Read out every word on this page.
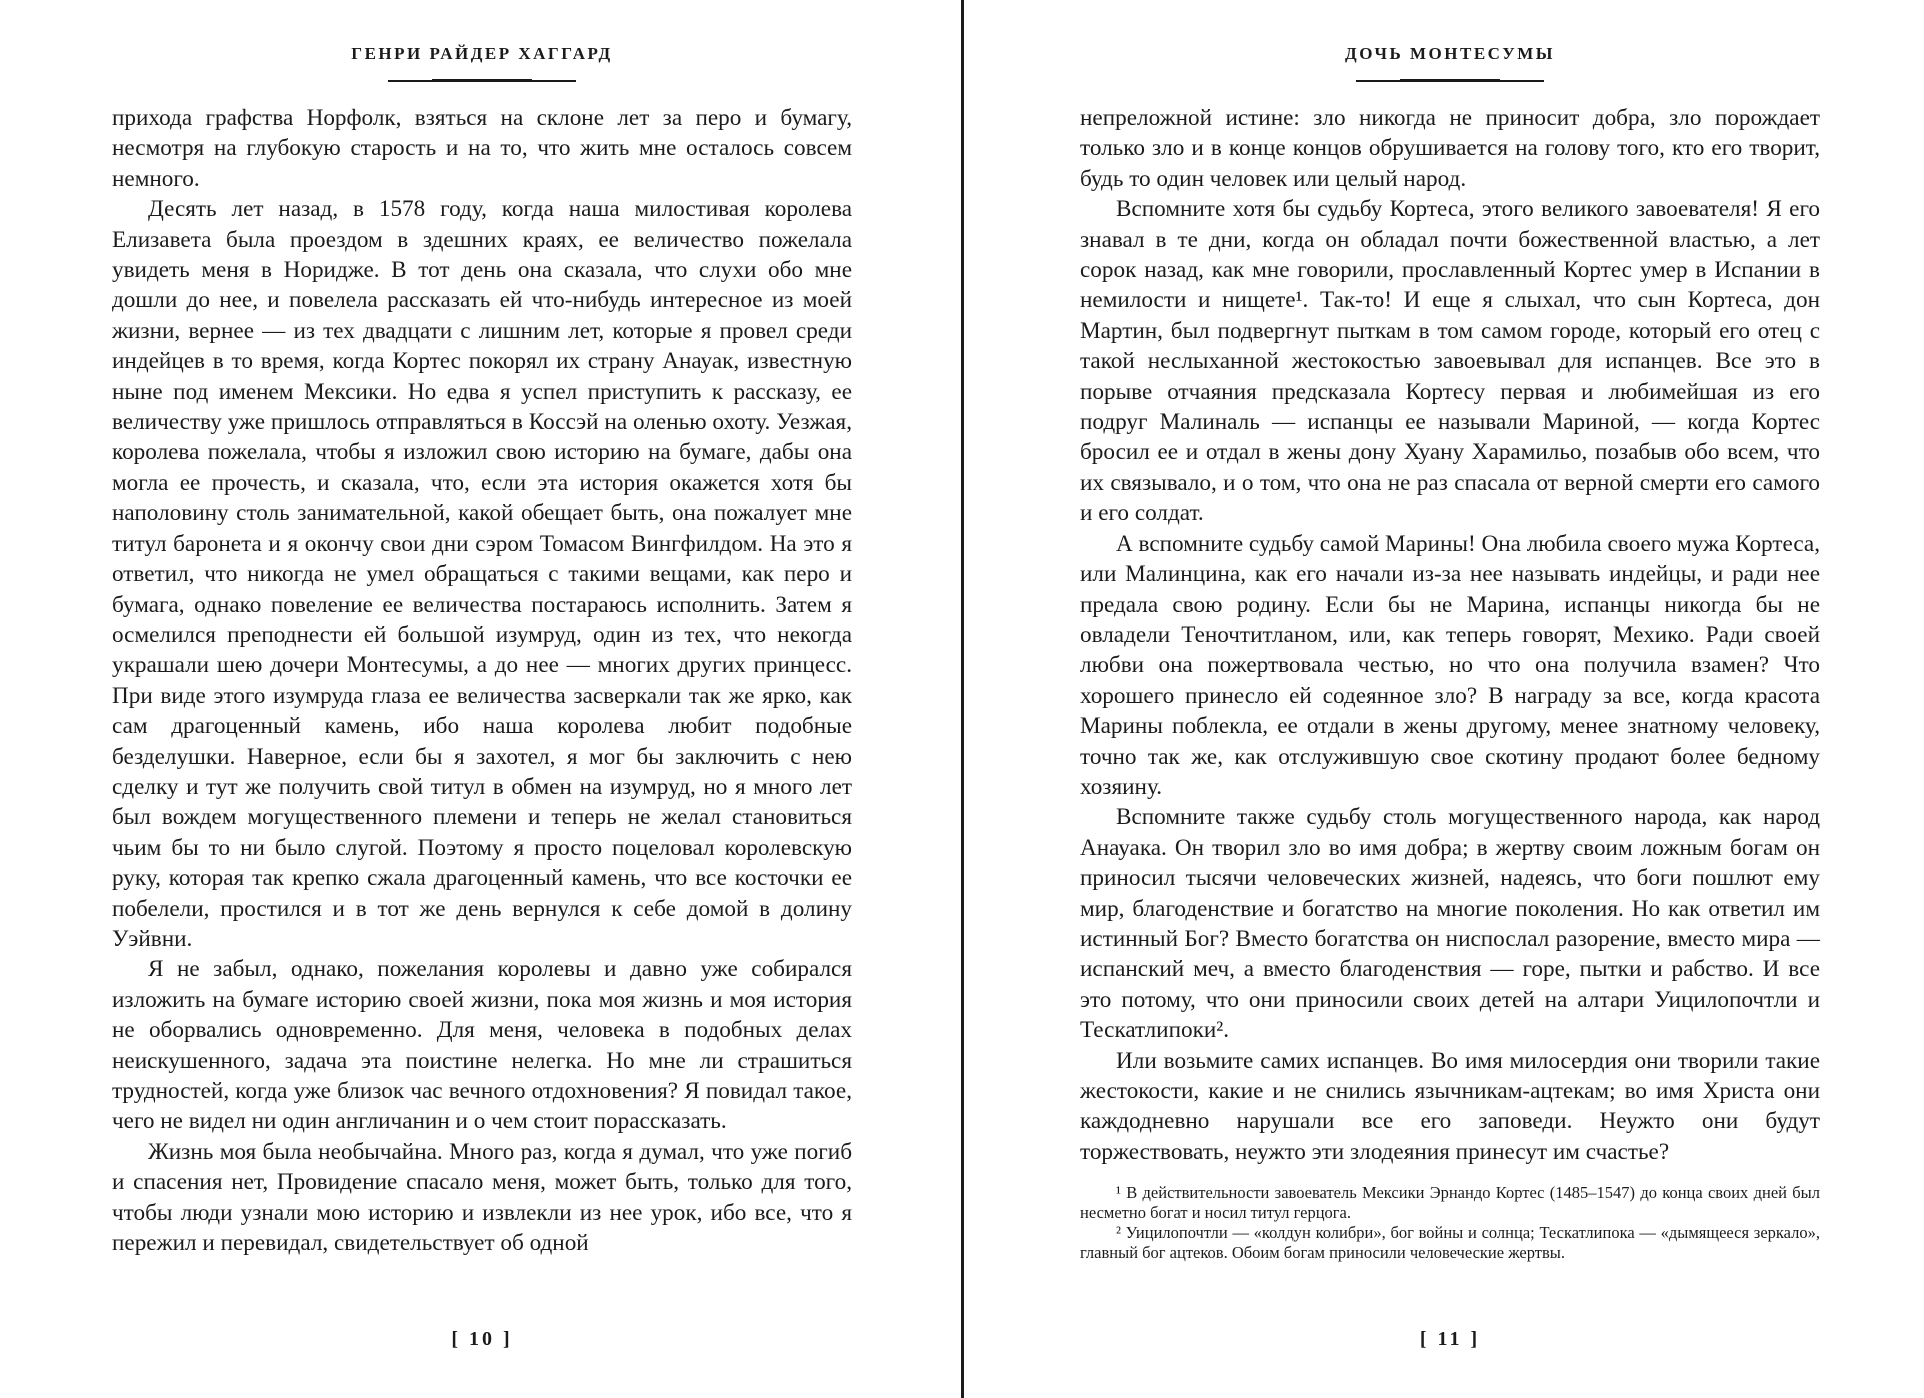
ГЕНРИ РАЙДЕР ХАГГАРД

прихода графства Норфолк, взяться на склоне лет за перо и бумагу, несмотря на глубокую старость и на то, что жить мне осталось совсем немного.

Десять лет назад, в 1578 году, когда наша милостивая королева Елизавета была проездом в здешних краях, ее величество пожелала увидеть меня в Нoридже. В тот день она сказала, что слухи обо мне дошли до нее, и повелела рассказать ей что-нибудь интересное из моей жизни, вернее — из тех двадцати с лишним лет, которые я провел среди индейцев в то время, когда Кортес покорял их страну Анауак, известную ныне под именем Мексики. Но едва я успел приступить к рассказу, ее величеству уже пришлось отправляться в Коссэй на оленью охоту. Уезжая, королева пожелала, чтобы я изложил свою историю на бумаге, дабы она могла ее прочесть, и сказала, что, если эта история окажется хотя бы наполовину столь занимательной, какой обещает быть, она пожалует мне титул баронета и я окончу свои дни сэром Томасом Вингфилдом. На это я ответил, что никогда не умел обращаться с такими вещами, как перо и бумага, однако повеление ее величества постараюсь исполнить. Затем я осмелился преподнести ей большой изумруд, один из тех, что некогда украшали шею дочери Монтесумы, а до нее — многих других принцесс. При виде этого изумруда глаза ее величества засверкали так же ярко, как сам драгоценный камень, ибо наша королева любит подобные безделушки. Наверное, если бы я захотел, я мог бы заключить с нею сделку и тут же получить свой титул в обмен на изумруд, но я много лет был вождем могущественного племени и теперь не желал становиться чьим бы то ни было слугой. Поэтому я просто поцеловал королевскую руку, которая так крепко сжала драгоценный камень, что все косточки ее побелели, простился и в тот же день вернулся к себе домой в долину Уэйвни.

Я не забыл, однако, пожелания королевы и давно уже собирался изложить на бумаге историю своей жизни, пока моя жизнь и моя история не оборвались одновременно. Для меня, человека в подобных делах неискушенного, задача эта поистине нелегка. Но мне ли страшиться трудностей, когда уже близок час вечного отдохновения? Я повидал такое, чего не видел ни один англичанин и о чем стоит порассказать.

Жизнь моя была необычайна. Много раз, когда я думал, что уже погиб и спасения нет, Провидение спасало меня, может быть, только для того, чтобы люди узнали мою историю и извлекли из нее урок, ибо все, что я пережил и перевидал, свидетельствует об одной

[ 10 ]
ДОЧЬ МОНТЕСУМЫ

непреложной истине: зло никогда не приносит добра, зло порождает только зло и в конце концов обрушивается на голову того, кто его творит, будь то один человек или целый народ.

Вспомните хотя бы судьбу Кортеса, этого великого завоевателя! Я его знавал в те дни, когда он обладал почти божественной властью, а лет сорок назад, как мне говорили, прославленный Кортес умер в Испании в немилости и нищете¹. Так-то! И еще я слыхал, что сын Кортеса, дон Мартин, был подвергнут пыткам в том самом городе, который его отец с такой неслыханной жестокостью завоевывал для испанцев. Все это в порыве отчаяния предсказала Кортесу первая и любимейшая из его подруг Малиналь — испанцы ее называли Мариной, — когда Кортес бросил ее и отдал в жены дону Хуану Харамильо, позабыв обо всем, что их связывало, и о том, что она не раз спасала от верной смерти его самого и его солдат.

А вспомните судьбу самой Марины! Она любила своего мужа Кортеса, или Малинцина, как его начали из-за нее называть индейцы, и ради нее предала свою родину. Если бы не Марина, испанцы никогда бы не овладели Теночтитланом, или, как теперь говорят, Мехико. Ради своей любви она пожертвовала честью, но что она получила взамен? Что хорошего принесло ей содеянное зло? В награду за все, когда красота Марины поблекла, ее отдали в жены другому, менее знатному человеку, точно так же, как отслужившую свое скотину продают более бедному хозяину.

Вспомните также судьбу столь могущественного народа, как народ Анауака. Он творил зло во имя добра; в жертву своим ложным богам он приносил тысячи человеческих жизней, надеясь, что боги пошлют ему мир, благоденствие и богатство на многие поколения. Но как ответил им истинный Бог? Вместо богатства он ниспослал разорение, вместо мира — испанский меч, а вместо благоденствия — горе, пытки и рабство. И все это потому, что они приносили своих детей на алтари Уицилопочтли и Тескатлипоки².

Или возьмите самих испанцев. Во имя милосердия они творили такие жестокости, какие и не снились язычникам-ацтекам; во имя Христа они каждодневно нарушали все его заповеди. Неужто они будут торжествовать, неужто эти злодеяния принесут им счастье?

¹ В действительности завоеватель Мексики Эрнандо Кортес (1485–1547) до конца своих дней был несметно богат и носил титул герцога.

² Уицилопочтли — «колдун колибри», бог войны и солнца; Тескатлипока — «дымящееся зеркало», главный бог ацтеков. Обоим богам приносили человеческие жертвы.

[ 11 ]
